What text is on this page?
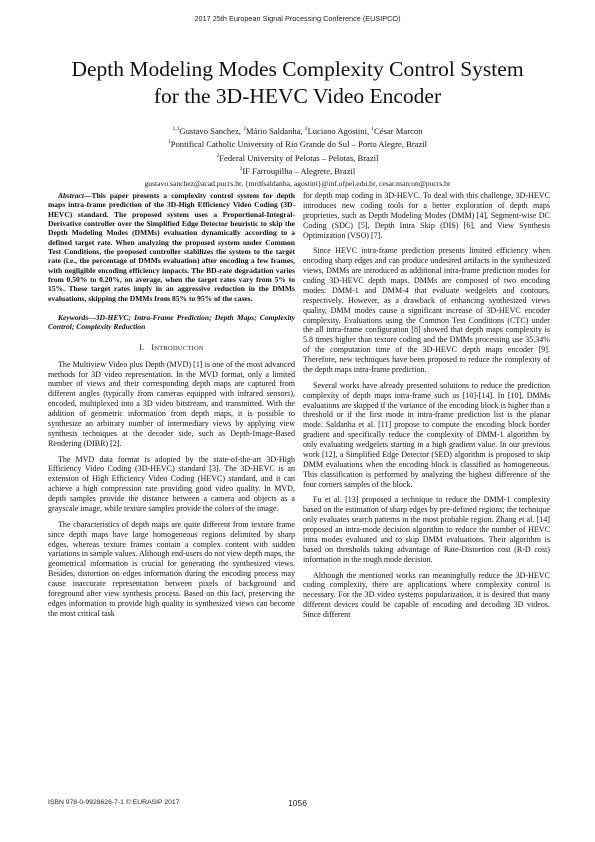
2017 25th European Signal Processing Conference (EUSIPCO)
Depth Modeling Modes Complexity Control System
for the 3D-HEVC Video Encoder
$^{1,3}$Gustavo Sanchez, $^2$Mário Saldanha, $^2$Luciano Agostini, $^1$César Marcon
$^1$Pontifical Catholic University of Rio Grande do Sul – Porto Alegre, Brazil
$^2$Federal University of Pelotas – Pelotas, Brazil
$^3$IF Farroupilha – Alegrete, Brazil
gustavo.sanchez@acad.pucrs.br, {mrdfsaldanha, agostini}@inf.ufpel.edu.br, cesar.marcon@pucrs.br

Abstract—This paper presents a complexity control system for depth maps intra-frame prediction of the 3D-High Efficiency Video Coding (3D-HEVC) standard. The proposed system uses a Proportional-Integral-Derivative controller over the Simplified Edge Detector heuristic to skip the Depth Modeling Modes (DMMs) evaluation dynamically according to a defined target rate. When analyzing the proposed system under Common Test Conditions, the proposed controller stabilizes the system to the target rate (i.e., the percentage of DMMs evaluation) after encoding a few frames, with negligible encoding efficiency impacts. The BD-rate degradation varies from 0.50% to 0.20%, on average, when the target rates vary from 5% to 15%. These target rates imply in an aggressive reduction in the DMMs evaluations, skipping the DMMs from 85% to 95% of the cases.

Keywords—3D-HEVC; Intra-Frame Prediction; Depth Maps; Complexity Control; Complexity Reduction

I. INTRODUCTION

The Multiview Video plus Depth (MVD) [1] is one of the most advanced methods for 3D video representation. In the MVD format, only a limited number of views and their corresponding depth maps are captured from different angles (typically from cameras equipped with infrared sensors), encoded, multiplexed into a 3D video bitstream, and transmitted. With the addition of geometric information from depth maps, it is possible to synthesize an arbitrary number of intermediary views by applying view synthesis techniques at the decoder side, such as Depth-Image-Based Rendering (DIBR) [2].

The MVD data format is adopted by the state-of-the-art 3D-High Efficiency Video Coding (3D-HEVC) standard [3]. The 3D-HEVC is an extension of High Efficiency Video Coding (HEVC) standard, and it can achieve a high compression rate providing good video quality. In MVD, depth samples provide the distance between a camera and objects as a grayscale image, while texture samples provide the colors of the image.

The characteristics of depth maps are quite different from texture frame since depth maps have large homogeneous regions delimited by sharp edges, whereas texture frames contain a complex content with sudden variations in sample values. Although end-users do not view depth maps, the geometrical information is crucial for generating the synthesized views. Besides, distortion on edges information during the encoding process may cause inaccurate representation between pixels of background and foreground after view synthesis process. Based on this fact, preserving the edges information to provide high quality in synthesized views can become the most critical task

for depth map coding in 3D-HEVC. To deal with this challenge, 3D-HEVC introduces new coding tools for a better exploration of depth maps proprieties, such as Depth Modeling Modes (DMM) [4], Segment-wise DC Coding (SDC) [5], Depth Intra Skip (DIS) [6], and View Synthesis Optimization (VSO) [7].

Since HEVC intra-frame prediction presents limited efficiency when encoding sharp edges and can produce undesired artifacts in the synthesized views, DMMs are introduced as additional intra-frame prediction modes for coding 3D-HEVC depth maps. DMMs are composed of two encoding modes: DMM-1 and DMM-4 that evaluate wedgelets and contours, respectively. However, as a drawback of enhancing synthesized views quality, DMM modes cause a significant increase of 3D-HEVC encoder complexity. Evaluations using the Common Test Conditions (CTC) under the all intra-frame configuration [8] showed that depth maps complexity is 5.8 times higher than texture coding and the DMMs processing use 35.34% of the computation time of the 3D-HEVC depth maps encoder [9]. Therefore, new techniques have been proposed to reduce the complexity of the depth maps intra-frame prediction.

Several works have already presented solutions to reduce the prediction complexity of depth maps intra-frame such as [10]-[14]. In [10], DMMs evaluations are skipped if the variance of the encoding block is higher than a threshold or if the first mode in intra-frame prediction list is the planar mode. Saldanha et al. [11] propose to compute the encoding block border gradient and specifically reduce the complexity of DMM-1 algorithm by only evaluating wedgelets starting in a high gradient value. In our previous work [12], a Simplified Edge Detector (SED) algorithm is proposed to skip DMM evaluations when the encoding block is classified as homogeneous. This classification is performed by analyzing the highest difference of the four corners samples of the block.

Fu et al. [13] proposed a technique to reduce the DMM-1 complexity based on the estimation of sharp edges by pre-defined regions; the technique only evaluates search patterns in the most probable region. Zhang et al. [14] proposed an intra-mode decision algorithm to reduce the number of HEVC intra modes evaluated and to skip DMM evaluations. Their algorithm is based on thresholds taking advantage of Rate-Distortion cost (R-D cost) information in the rough mode decision.

Although the mentioned works can meaningfully reduce the 3D-HEVC coding complexity, there are applications where complexity control is necessary. For the 3D video systems popularization, it is desired that many different devices could be capable of encoding and decoding 3D videos. Since different

ISBN 978-0-9928626-7-1 © EURASIP 2017	1056
